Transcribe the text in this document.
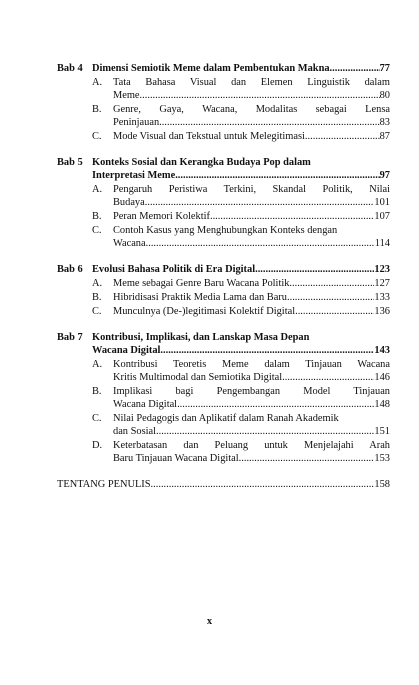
Bab 4 Dimensi Semiotik Meme dalam Pembentukan Makna .....	77
A.	Tata Bahasa Visual dan Elemen Linguistik dalam
Meme .....	80
B.	Genre, Gaya, Wacana, Modalitas sebagai Lensa
Peninjauan .....	83
C.	Mode Visual dan Tekstual untuk Melegitimasi .....	87
Bab 5 Konteks Sosial dan Kerangka Budaya Pop dalam
Interpretasi Meme .....	97
A.	Pengaruh Peristiwa Terkini, Skandal Politik, Nilai
Budaya .....	101
B.	Peran Memori Kolektif .....	107
C.	Contoh Kasus yang Menghubungkan Konteks dengan
Wacana .....	114
Bab 6 Evolusi Bahasa Politik di Era Digital .....	123
A.	Meme sebagai Genre Baru Wacana Politik .....	127
B.	Hibridisasi Praktik Media Lama dan Baru .....	133
C.	Munculnya (De-)legitimasi Kolektif Digital .....	136
Bab 7 Kontribusi, Implikasi, dan Lanskap Masa Depan
Wacana Digital .....	143
A.	Kontribusi Teoretis Meme dalam Tinjauan Wacana
Kritis Multimodal dan Semiotika Digital .....	146
B.	Implikasi bagi Pengembangan Model Tinjauan
Wacana Digital .....	148
C.	Nilai Pedagogis dan Aplikatif dalam Ranah Akademik
dan Sosial .....	151
D.	Keterbatasan dan Peluang untuk Menjelajahi Arah
Baru Tinjauan Wacana Digital .....	153
TENTANG PENULIS .....	158
x
